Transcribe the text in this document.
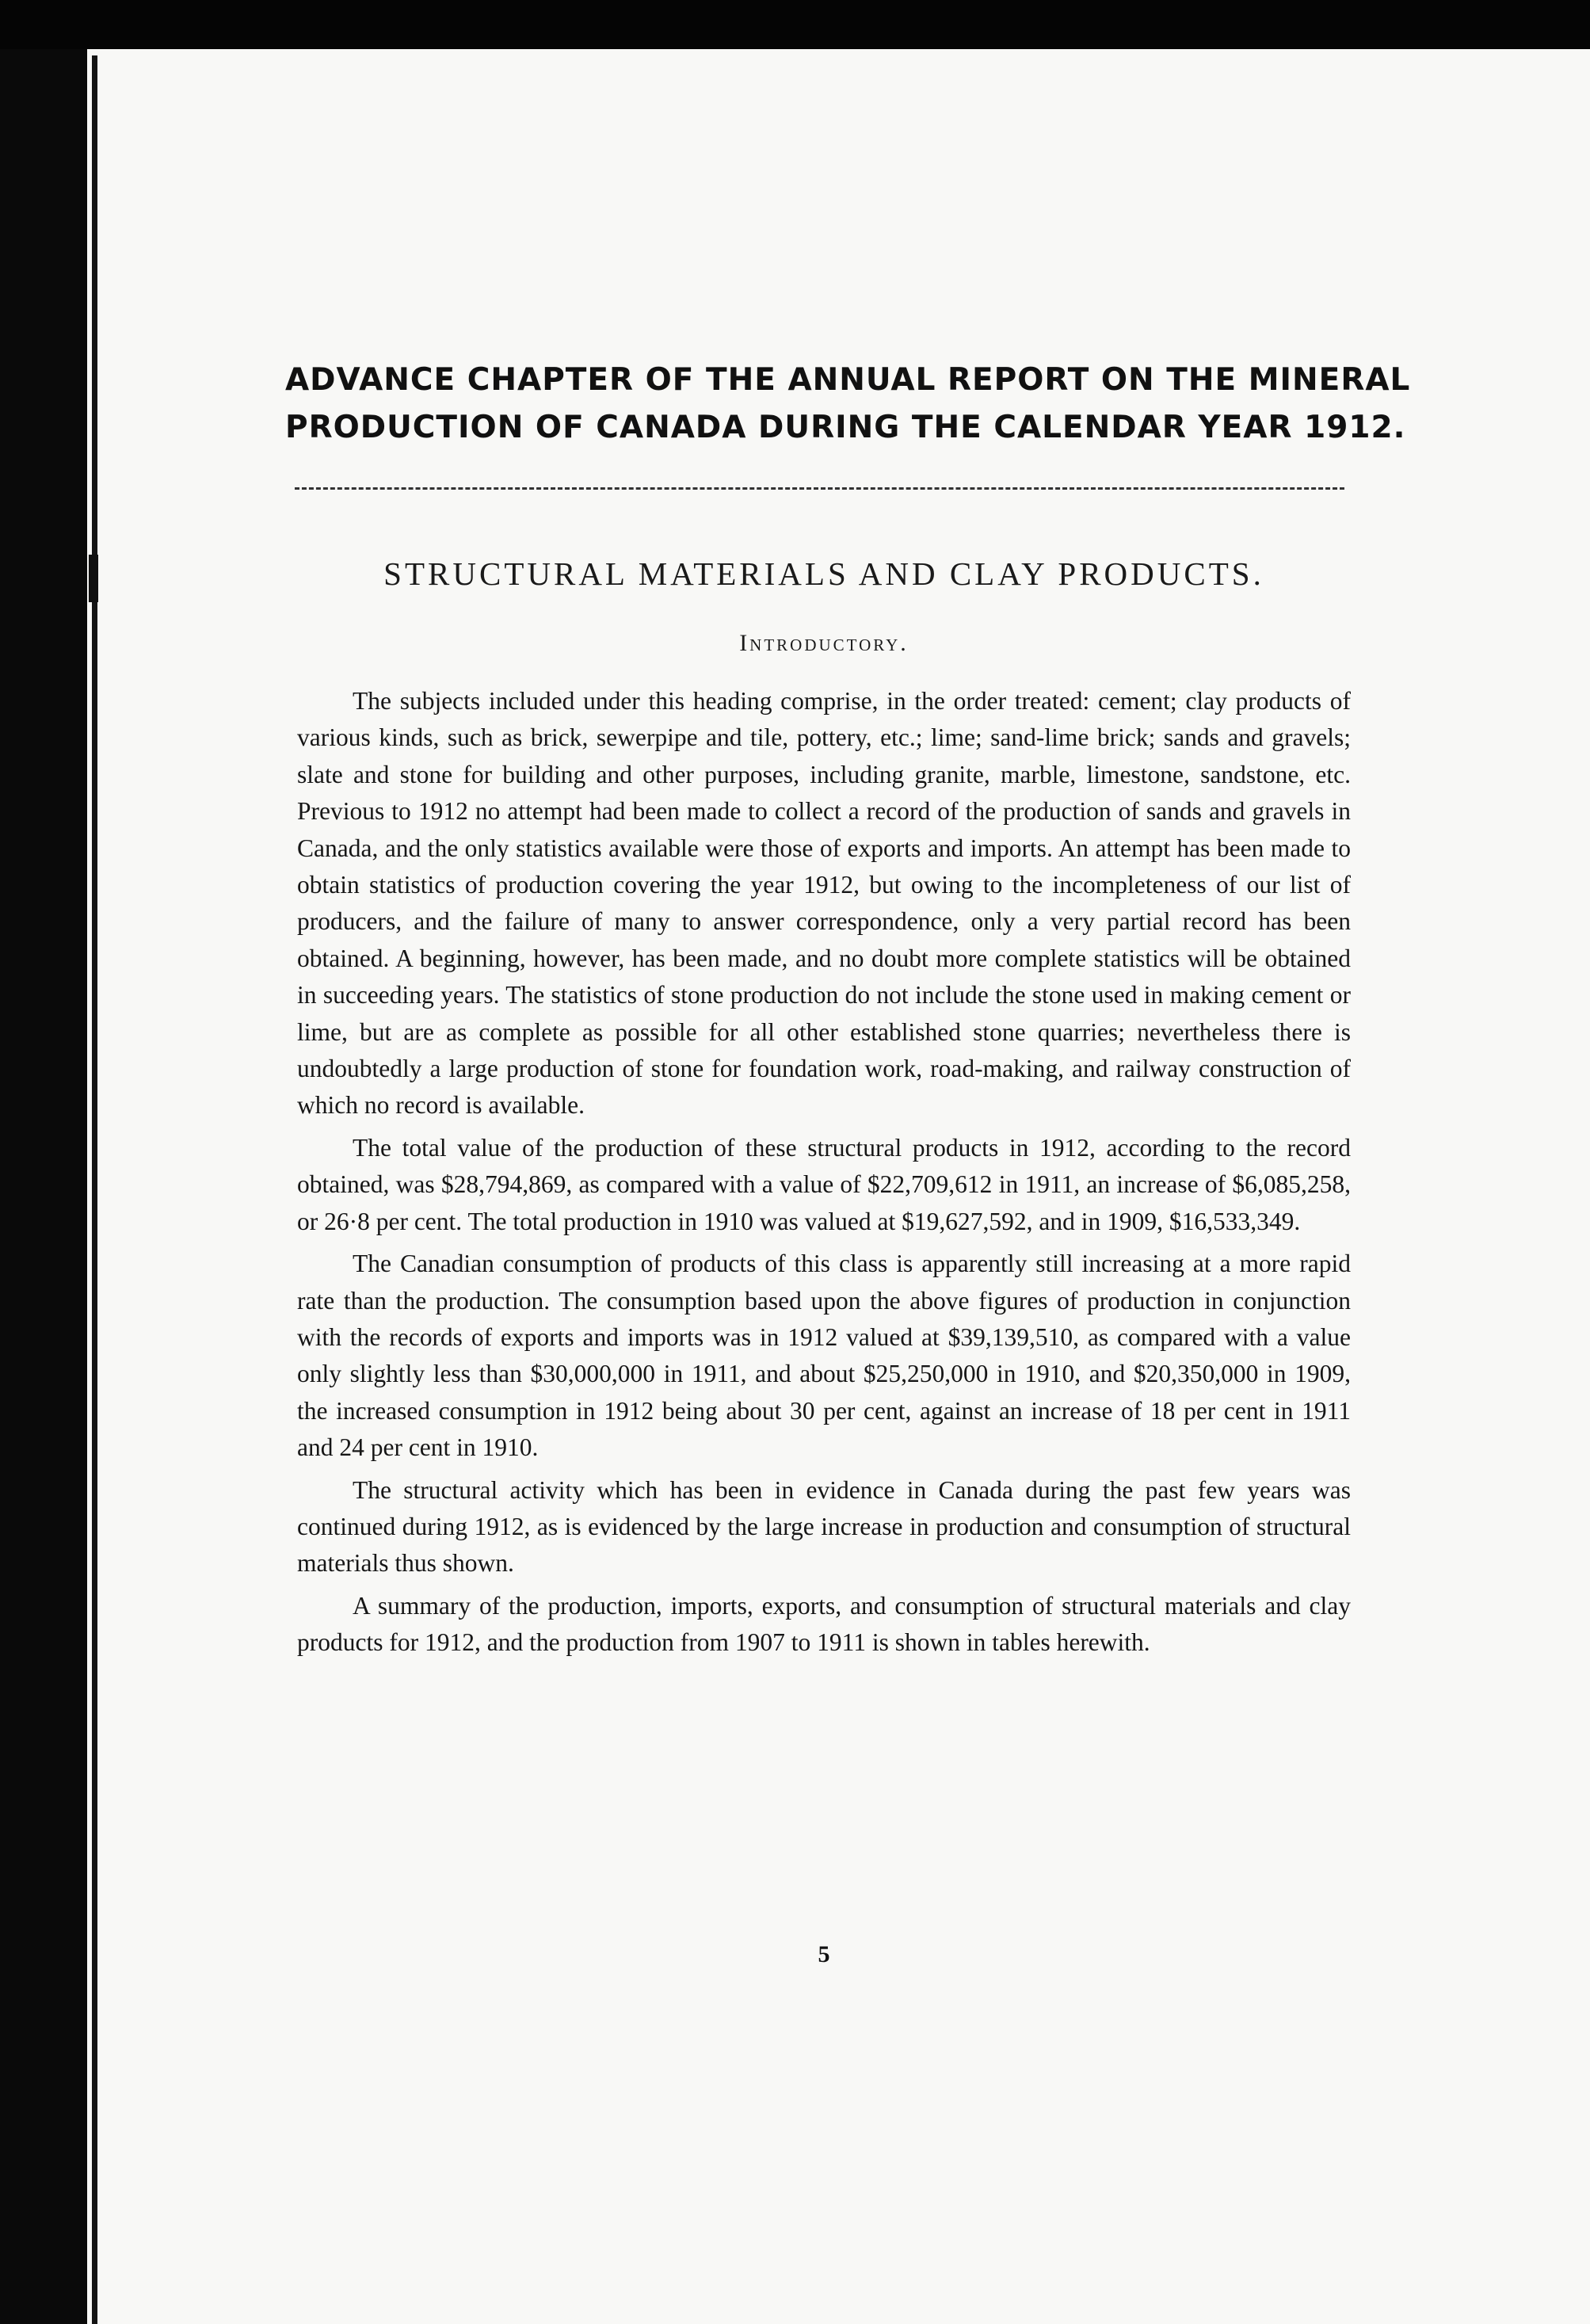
ADVANCE CHAPTER OF THE ANNUAL REPORT ON THE MINERAL
PRODUCTION OF CANADA DURING THE CALENDAR YEAR 1912.
STRUCTURAL MATERIALS AND CLAY PRODUCTS.
Introductory.

The subjects included under this heading comprise, in the order treated: cement; clay products of various kinds, such as brick, sewerpipe and tile, pottery, etc.; lime; sand-lime brick; sands and gravels; slate and stone for building and other purposes, including granite, marble, limestone, sandstone, etc. Previous to 1912 no attempt had been made to collect a record of the production of sands and gravels in Canada, and the only statistics available were those of exports and imports. An attempt has been made to obtain statistics of production covering the year 1912, but owing to the incompleteness of our list of producers, and the failure of many to answer correspondence, only a very partial record has been obtained. A beginning, however, has been made, and no doubt more complete statistics will be obtained in succeeding years. The statistics of stone production do not include the stone used in making cement or lime, but are as complete as possible for all other established stone quarries; nevertheless there is undoubtedly a large production of stone for foundation work, road-making, and railway construction of which no record is available.

The total value of the production of these structural products in 1912, according to the record obtained, was $28,794,869, as compared with a value of $22,709,612 in 1911, an increase of $6,085,258, or 26·8 per cent. The total production in 1910 was valued at $19,627,592, and in 1909, $16,533,349.

The Canadian consumption of products of this class is apparently still increasing at a more rapid rate than the production. The consumption based upon the above figures of production in conjunction with the records of exports and imports was in 1912 valued at $39,139,510, as compared with a value only slightly less than $30,000,000 in 1911, and about $25,250,000 in 1910, and $20,350,000 in 1909, the increased consumption in 1912 being about 30 per cent, against an increase of 18 per cent in 1911 and 24 per cent in 1910.

The structural activity which has been in evidence in Canada during the past few years was continued during 1912, as is evidenced by the large increase in production and consumption of structural materials thus shown.

A summary of the production, imports, exports, and consumption of structural materials and clay products for 1912, and the production from 1907 to 1911 is shown in tables herewith.

5
